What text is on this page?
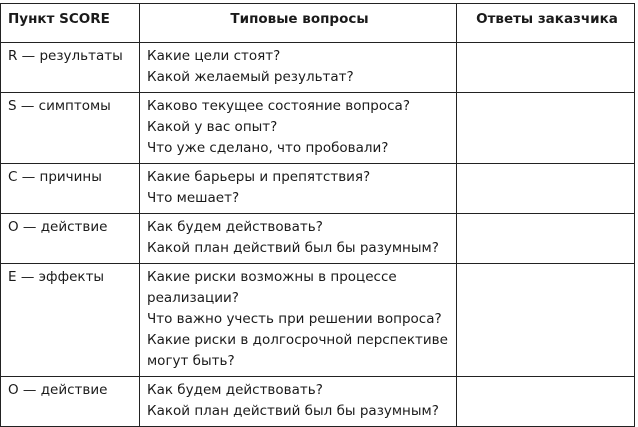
Пункт SCORE	Типовые вопросы	Ответы заказчика
R — результаты	Какие цели стоят?
Какой желаемый результат?	

S — симптомы	Каково текущее состояние вопроса?
Какой у вас опыт?
Что уже сделано, что пробовали?	

C — причины	Какие барьеры и препятствия?
Что мешает?	

O — действие	Как будем действовать?
Какой план действий был бы разумным?	

E — эффекты	Какие риски возможны в процессе реализации?
Что важно учесть при решении вопроса?
Какие риски в долгосрочной перспективе могут быть?	

O — действие	Как будем действовать?
Какой план действий был бы разумным?	
